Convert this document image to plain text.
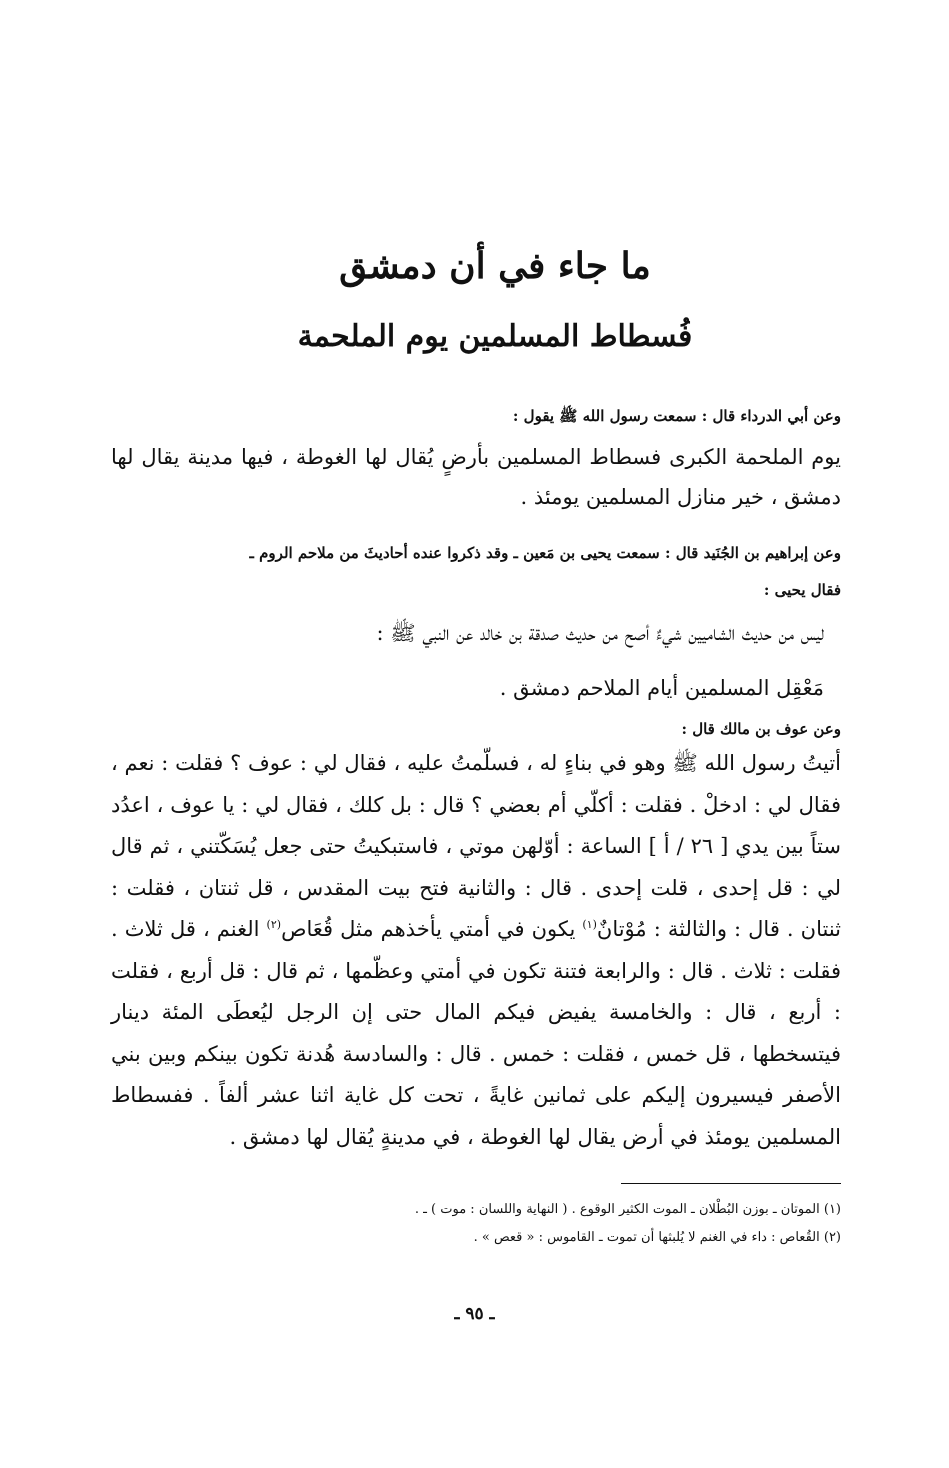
ما جاء في أن دمشق
فُسطاط المسلمين يوم الملحمة
وعن أبي الدرداء قال : سمعت رسول الله ﷺ يقول :
يوم الملحمة الكبرى فسطاط المسلمين بأرضٍ يُقال لها الغوطة ، فيها مدينة يقال لها دمشق ، خير منازل المسلمين يومئذ .
وعن إبراهيم بن الجُنَيد قال : سمعت يحيى بن مَعين ـ وقد ذكروا عنده أحاديثَ من ملاحم الروم ـ
فقال يحيى :
ليس من حديث الشاميين شيءٌ أصح من حديث صدقة بن خالد عن النبي ﷺ :
مَعْقِل المسلمين أيام الملاحم دمشق .
وعن عوف بن مالك قال :
أتيتُ رسول الله ﷺ وهو في بناءٍ له ، فسلّمتُ عليه ، فقال لي : عوف ؟ فقلت : نعم ، فقال لي : ادخلْ . فقلت : أكلّي أم بعضي ؟ قال : بل كلك ، فقال لي : يا عوف ، اعدُد ستاً بين يدي [ ٢٦ / أ ] الساعة : أوّلهن موتي ، فاستبكيتُ حتى جعل يُسَكّتني ، ثم قال لي : قل إحدى ، قلت إحدى . قال : والثانية فتح بيت المقدس ، قل ثنتان ، فقلت : ثنتان . قال : والثالثة : مُوْتانٌ$^{(١)}$ يكون في أمتي يأخذهم مثل قُعَاص$^{(٢)}$ الغنم ، قل ثلاث . فقلت : ثلاث . قال : والرابعة فتنة تكون في أمتي وعظّمها ، ثم قال : قل أربع ، فقلت : أربع ، قال : والخامسة يفيض فيكم المال حتى إن الرجل ليُعطَى المئة دينار فيتسخطها ، قل خمس ، فقلت : خمس . قال : والسادسة هُدنة تكون بينكم وبين بني الأصفر فيسيرون إليكم على ثمانين غايةً ، تحت كل غاية اثنا عشر ألفاً . ففسطاط المسلمين يومئذ في أرض يقال لها الغوطة ، في مدينةٍ يُقال لها دمشق .
(١) الموتان ـ بوزن البُطْلان ـ الموت الكثير الوقوع . ( النهاية واللسان : موت ) ـ .
(٢) القُعاص : داء في الغنم لا يُلبثها أن تموت ـ القاموس : « قعص » .
ـ ٩٥ ـ
